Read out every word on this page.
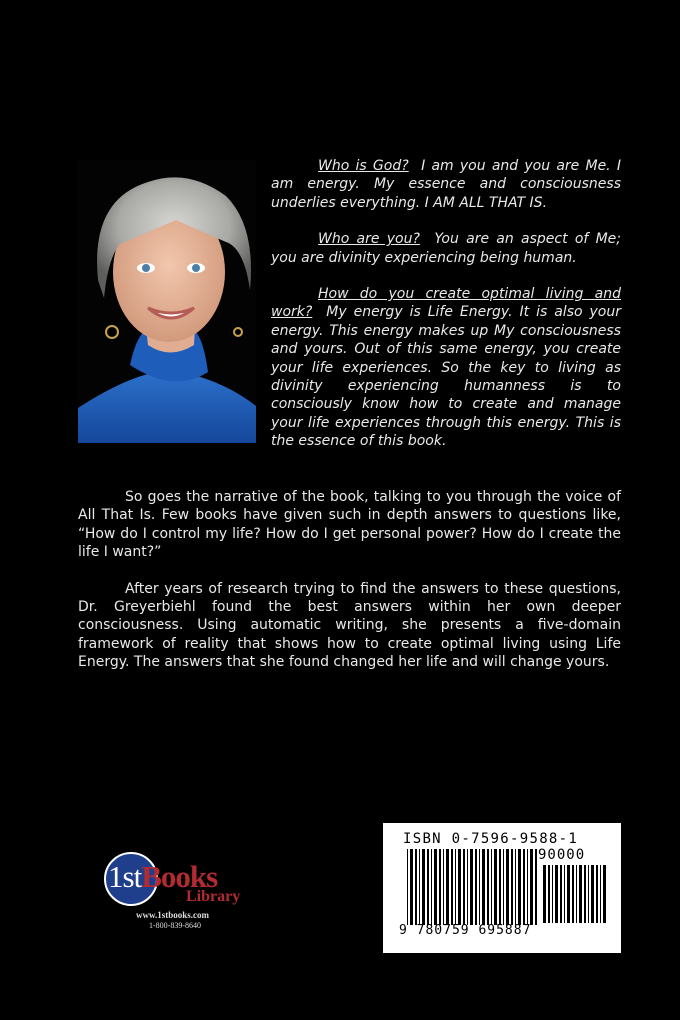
Who is God? I am you and you are Me. I am energy. My essence and consciousness underlies everything. I AM ALL THAT IS.

Who are you? You are an aspect of Me; you are divinity experiencing being human.

How do you create optimal living and work? My energy is Life Energy. It is also your energy. This energy makes up My consciousness and yours. Out of this same energy, you create your life experiences. So the key to living as divinity experiencing humanness is to consciously know how to create and manage your life experiences through this energy. This is the essence of this book.

So goes the narrative of the book, talking to you through the voice of All That Is. Few books have given such in depth answers to questions like, “How do I control my life? How do I get personal power? How do I create the life I want?”

After years of research trying to find the answers to these questions, Dr. Greyerbiehl found the best answers within her own deeper consciousness. Using automatic writing, she presents a five-domain framework of reality that shows how to create optimal living using Life Energy. The answers that she found changed her life and will change yours.

1stBooks
Library
www.1stbooks.com
1-800-839-8640
ISBN 0-7596-9588-1
90000
9 780759 695887
